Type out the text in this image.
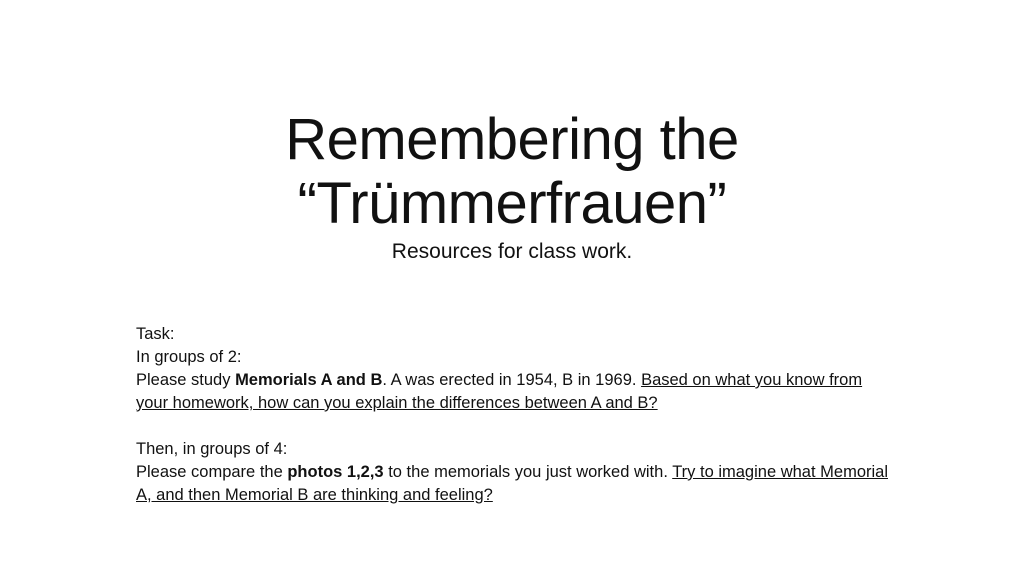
Remembering the
“Trümmerfrauen”

Resources for class work.

Task:

In groups of 2:

Please study Memorials A and B. A was erected in 1954, B in 1969. Based on what you know from your homework, how can you explain the differences between A and B?

Then, in groups of 4:

Please compare the photos 1,2,3 to the memorials you just worked with. Try to imagine what Memorial A, and then Memorial B are thinking and feeling?
